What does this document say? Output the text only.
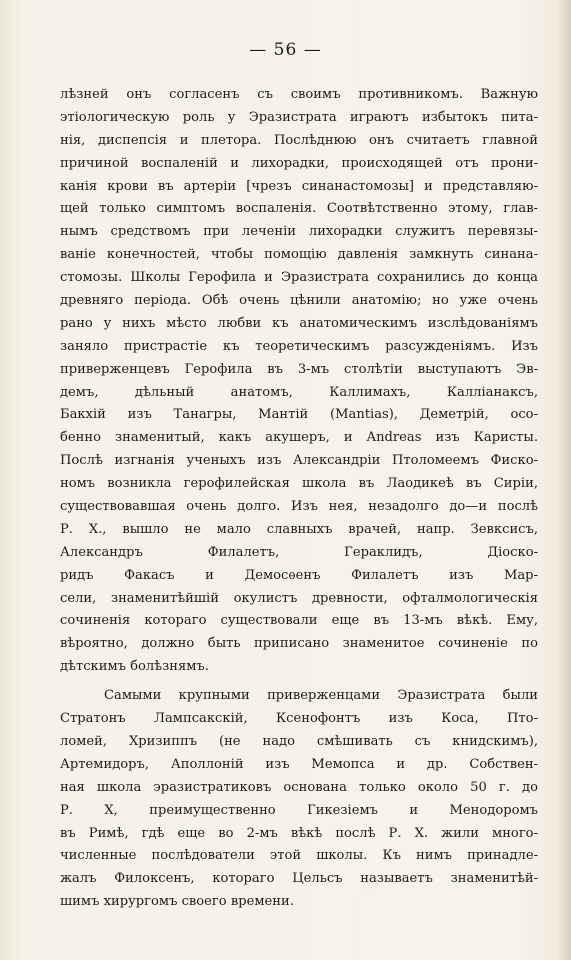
— 56 —
лѣзней онъ согласенъ съ своимъ противникомъ. Важную
этіологическую роль у Эразистрата играютъ избытокъ пита-
нія, диспепсія и плетора. Послѣднюю онъ считаетъ главной
причиной воспаленій и лихорадки, происходящей отъ прони-
канія крови въ артеріи [чрезъ синанастомозы] и представляю-
щей только симптомъ воспаленія. Соотвѣтственно этому, глав-
нымъ средствомъ при леченіи лихорадки служитъ перевязы-
ваніе конечностей, чтобы помощію давленія замкнуть синана-
стомозы. Школы Герофила и Эразистрата сохранились до конца
древняго періода. Обѣ очень цѣнили анатомію; но уже очень
рано у нихъ мѣсто любви къ анатомическимъ изслѣдованіямъ
заняло пристрастіе къ теоретическимъ разсужденіямъ. Изъ
приверженцевъ Герофила въ 3-мъ столѣтіи выступаютъ Эв-
демъ, дѣльный анатомъ, Каллимахъ, Калліанаксъ,
Бакхій изъ Танагры, Мантій (Mantias), Деметрій, осо-
бенно знаменитый, какъ акушеръ, и Andreas изъ Каристы.
Послѣ изгнанія ученыхъ изъ Александріи Птоломеемъ Фискo-
номъ возникла герофилейская школа въ Лаодикеѣ въ Сиріи,
существовавшая очень долго. Изъ нея, незадолго до—и послѣ
Р. Х., вышло не мало славныхъ врачей, напр. Зевксисъ,
Александръ Филалетъ, Гераклидъ, Діоско-
ридъ Факасъ и Демосѳенъ Филалетъ изъ Мар-
сели, знаменитѣйшій окулистъ древности, офталмологическія
сочиненія котораго существовали еще въ 13-мъ вѣкѣ. Ему,
вѣроятно, должно быть приписано знаменитое сочиненіе по
дѣтскимъ болѣзнямъ.
Самыми крупными приверженцами Эразистрата были
Стратонъ Лампсакскій, Ксенофонтъ изъ Коса, Пто-
ломей, Хризиппъ (не надо смѣшивать съ книдскимъ),
Артемидоръ, Аполлоній изъ Мемопса и др. Собствен-
ная школа эразистратиковъ основана только около 50 г. до
Р. Х, преимущественно Гикезіемъ и Менодоромъ
въ Римѣ, гдѣ еще во 2-мъ вѣкѣ послѣ Р. Х. жили много-
численные послѣдователи этой школы. Къ нимъ принадле-
жалъ Филоксенъ, котораго Цельсъ называетъ знаменитѣй-
шимъ хирургомъ своего времени.
